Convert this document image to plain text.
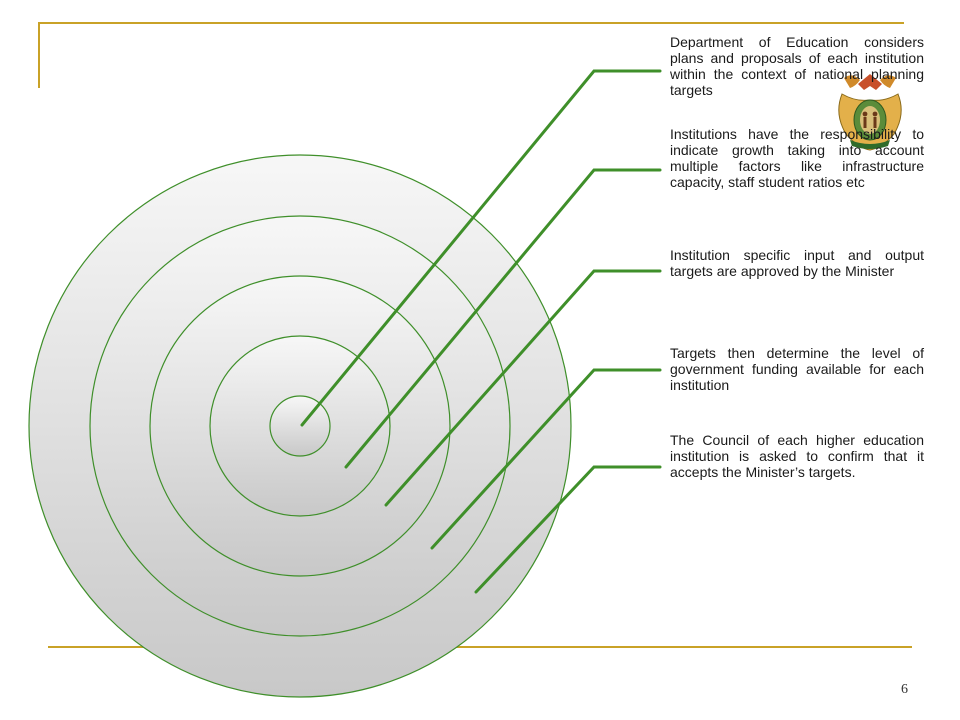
Department of Education considers plans and proposals of each institution within the context of national planning targets

Institutions have the responsibility to indicate growth taking into account multiple factors like infrastructure capacity, staff student ratios etc

Institution specific input and output targets are approved by the Minister

Targets then determine the level of government funding available for each institution

The Council of each higher education institution is asked to confirm that it accepts the Minister’s targets.

6
